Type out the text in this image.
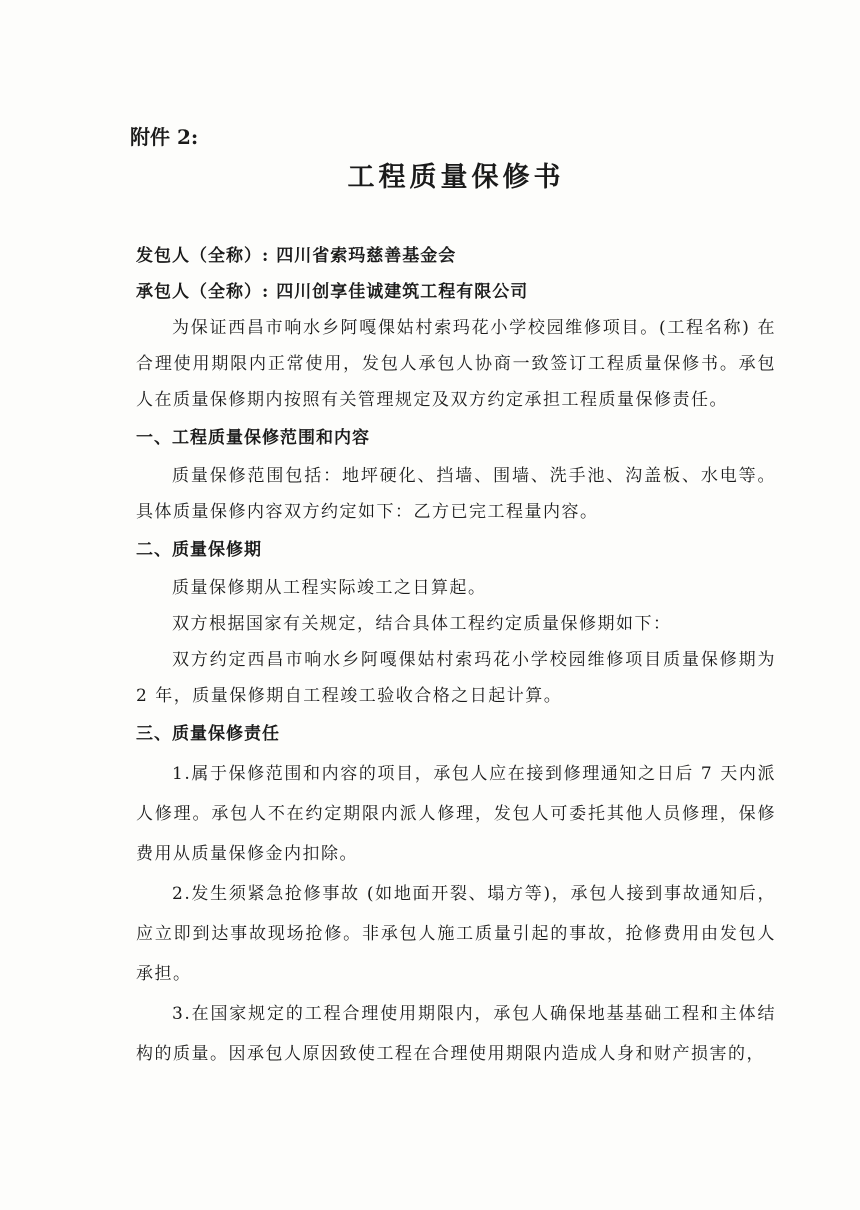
附件 2:
工程质量保修书
发包人（全称）: 四川省索玛慈善基金会
承包人（全称）: 四川创享佳诚建筑工程有限公司

为保证西昌市响水乡阿嘎倮姑村索玛花小学校园维修项目。(工程名称) 在合理使用期限内正常使用，发包人承包人协商一致签订工程质量保修书。承包人在质量保修期内按照有关管理规定及双方约定承担工程质量保修责任。

一、工程质量保修范围和内容

质量保修范围包括：地坪硬化、挡墙、围墙、洗手池、沟盖板、水电等。具体质量保修内容双方约定如下：乙方已完工程量内容。

二、质量保修期

质量保修期从工程实际竣工之日算起。

双方根据国家有关规定，结合具体工程约定质量保修期如下：

双方约定西昌市响水乡阿嘎倮姑村索玛花小学校园维修项目质量保修期为 2 年，质量保修期自工程竣工验收合格之日起计算。

三、质量保修责任

1.属于保修范围和内容的项目，承包人应在接到修理通知之日后 7 天内派人修理。承包人不在约定期限内派人修理，发包人可委托其他人员修理，保修费用从质量保修金内扣除。

2.发生须紧急抢修事故 (如地面开裂、塌方等)，承包人接到事故通知后，应立即到达事故现场抢修。非承包人施工质量引起的事故，抢修费用由发包人承担。

3.在国家规定的工程合理使用期限内，承包人确保地基基础工程和主体结构的质量。因承包人原因致使工程在合理使用期限内造成人身和财产损害的，
